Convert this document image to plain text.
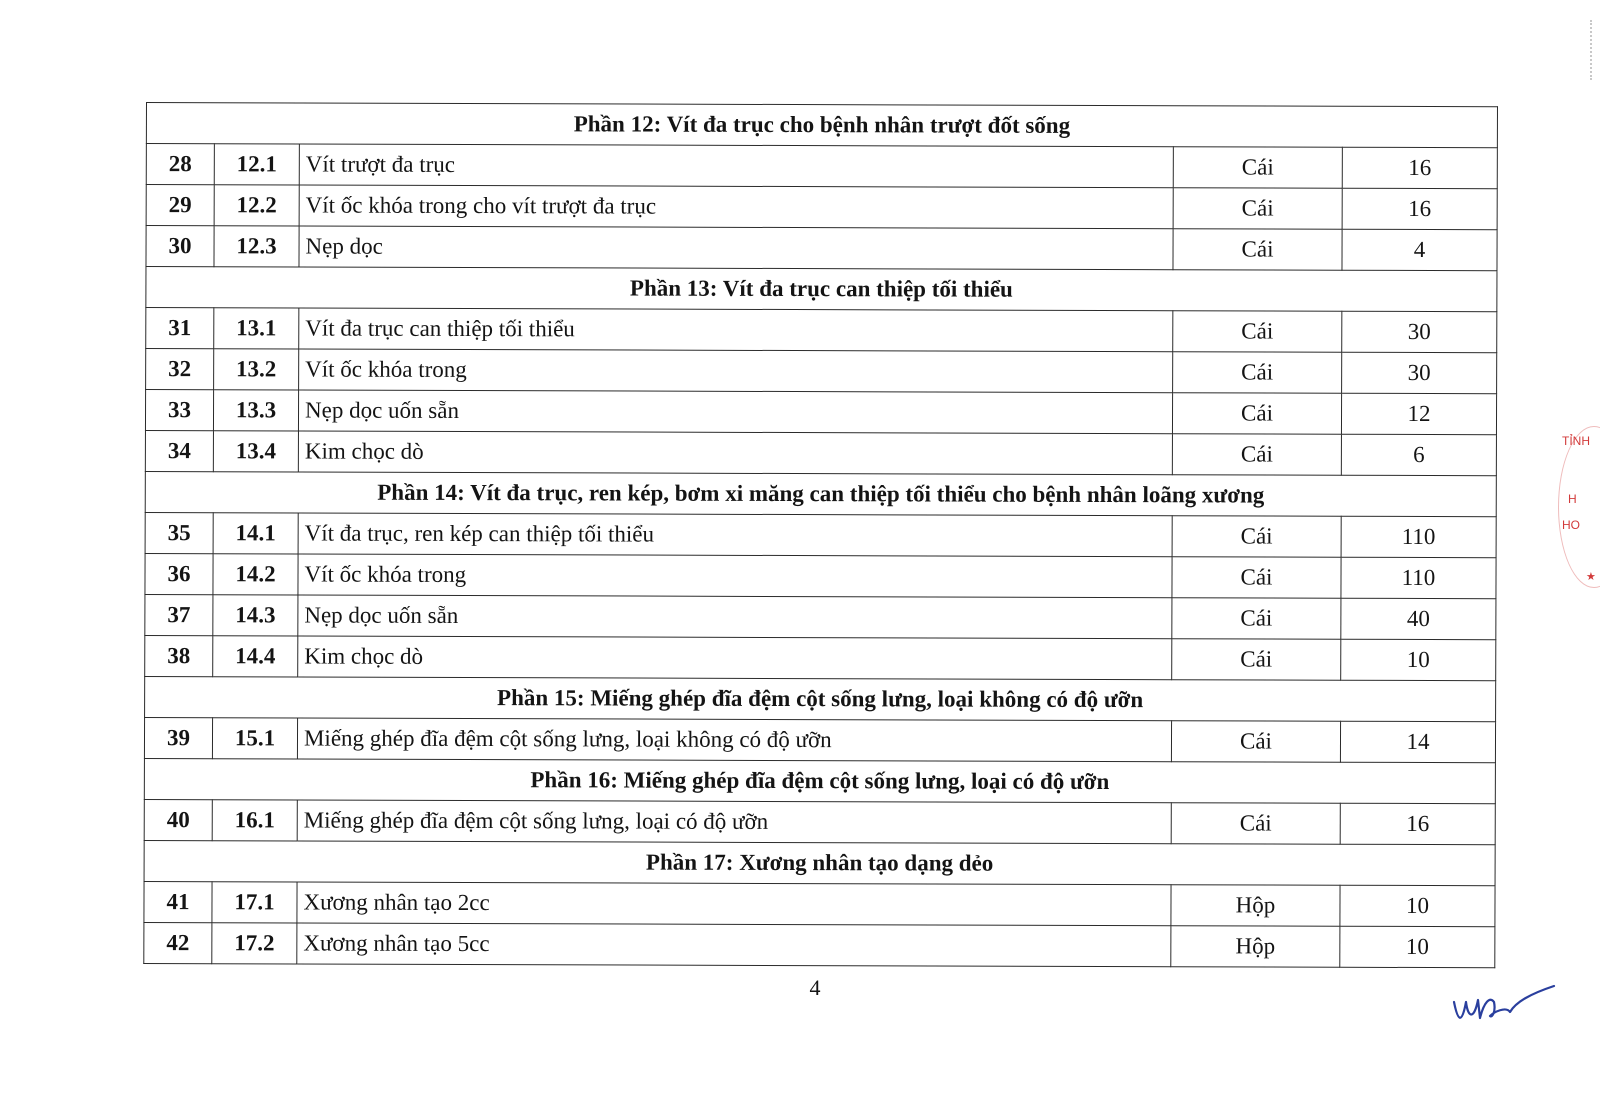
Phần 12: Vít đa trục cho bệnh nhân trượt đốt sống				
28	12.1	Vít trượt đa trục	Cái	16
29	12.2	Vít ốc khóa trong cho vít trượt đa trục	Cái	16
30	12.3	Nẹp dọc	Cái	4
Phần 13: Vít đa trục can thiệp tối thiểu				
31	13.1	Vít đa trục can thiệp tối thiểu	Cái	30
32	13.2	Vít ốc khóa trong	Cái	30
33	13.3	Nẹp dọc uốn sẵn	Cái	12
34	13.4	Kim chọc dò	Cái	6
Phần 14: Vít đa trục, ren kép, bơm xi măng can thiệp tối thiểu cho bệnh nhân loãng xương				
35	14.1	Vít đa trục, ren kép can thiệp tối thiểu	Cái	110
36	14.2	Vít ốc khóa trong	Cái	110
37	14.3	Nẹp dọc uốn sẵn	Cái	40
38	14.4	Kim chọc dò	Cái	10
Phần 15: Miếng ghép đĩa đệm cột sống lưng, loại không có độ ưỡn				
39	15.1	Miếng ghép đĩa đệm cột sống lưng, loại không có độ ưỡn	Cái	14
Phần 16: Miếng ghép đĩa đệm cột sống lưng, loại có độ ưỡn				
40	16.1	Miếng ghép đĩa đệm cột sống lưng, loại có độ ưỡn	Cái	16
Phần 17: Xương nhân tạo dạng dẻo				
41	17.1	Xương nhân tạo 2cc	Hộp	10
42	17.2	Xương nhân tạo 5cc	Hộp	10
4
TỈNH
H
HO
★
